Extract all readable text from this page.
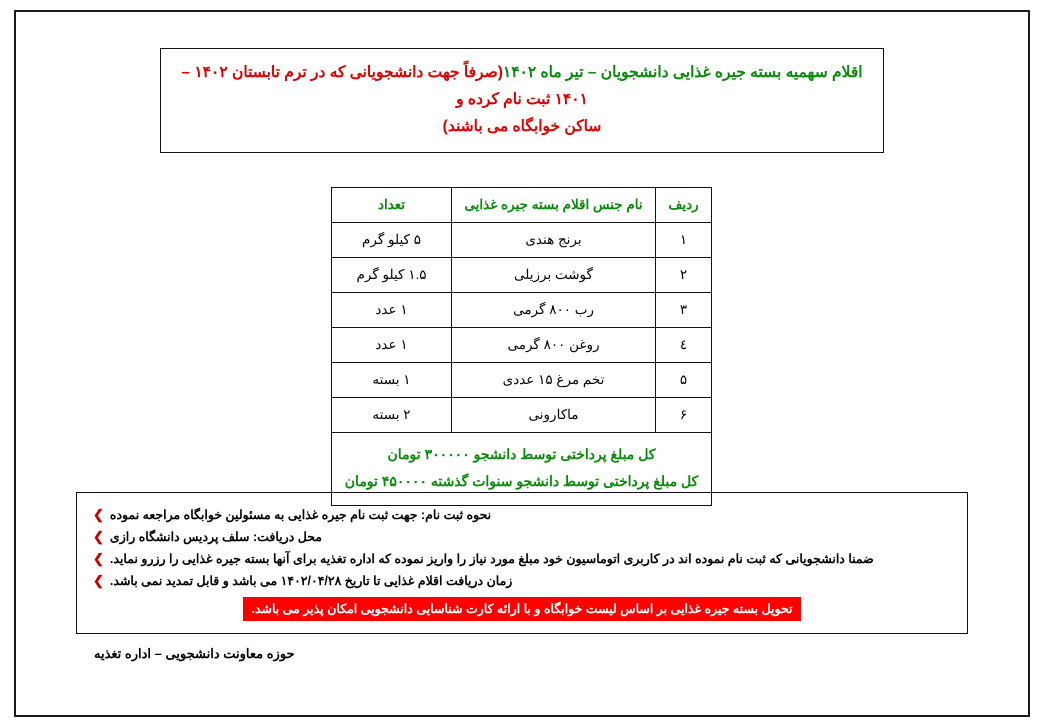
اقلام سهمیه بسته جیره غذایی دانشجویان – تیر ماه ۱۴۰۲(صرفاً جهت دانشجویانی که در ترم تابستان ۱۴۰۲ – ۱۴۰۱ ثبت نام کرده و
ساکن خوابگاه می باشند)
ردیف	نام جنس اقلام بسته جیره غذایی	تعداد
۱	برنج هندی	۵ کیلو گرم
۲	گوشت برزیلی	۱.۵ کیلو گرم
۳	رب ۸۰۰ گرمی	۱ عدد
٤	روغن ۸۰۰ گرمی	۱ عدد
۵	تخم مرغ ۱۵ عددی	۱ بسته
۶	ماکارونی	۲ بسته

کل مبلغ پرداختی توسط دانشجو ۳۰۰۰۰۰ تومان
کل مبلغ پرداختی توسط دانشجو سنوات گذشته ۴۵۰۰۰۰ تومان		
نحوه ثبت نام: جهت ثبت نام جیره غذایی به مسئولین خوابگاه مراجعه نموده
❯
محل دریافت: سلف پردیس دانشگاه رازی
❯
ضمنا دانشجویانی که ثبت نام نموده اند در کاربری اتوماسیون خود مبلغ مورد نیاز را واریز نموده که اداره تغذیه برای آنها بسته جیره غذایی را رزرو نماید.
❯
زمان دریافت اقلام غذایی تا تاریخ ۱۴۰۲/۰۴/۲۸ می باشد و قابل تمدید نمی باشد.
❯
تحویل بسته جیره غذایی بر اساس لیست خوابگاه و با ارائه کارت شناسایی دانشجویی امکان پذیر می باشد.
حوزه معاونت دانشجویی – اداره تغذیه
